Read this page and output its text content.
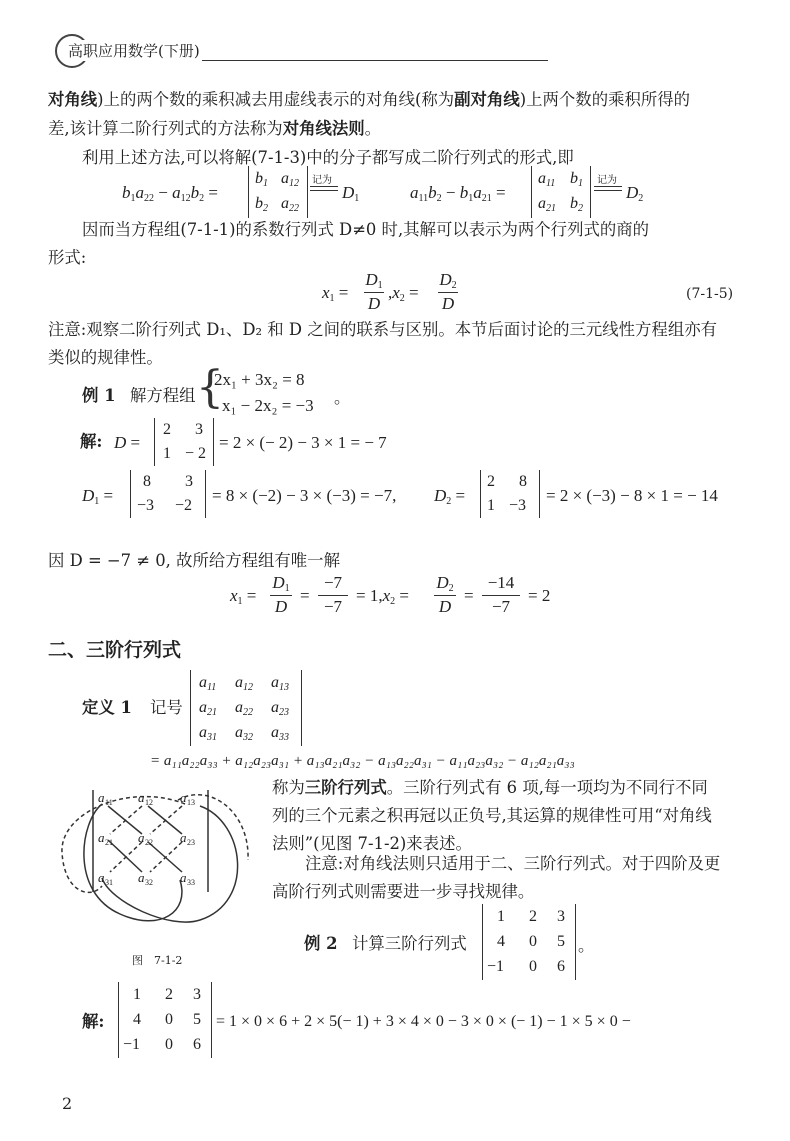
高职应用数学(下册)
对角线)上的两个数的乘积减去用虚线表示的对角线(称为副对角线)上两个数的乘积所得的
差,该计算二阶行列式的方法称为对角线法则。
利用上述方法,可以将解(7-1-3)中的分子都写成二阶行列式的形式,即
$b_1a_{22} - a_{12}b_2$ =
$b_1$ $a_{12}$
$b_2$ $a_{22}$
记为
$D_1$	$a_{11}b_2 - b_1a_{21}$ =
$a_{11}$ $b_1$
$a_{21}$ $b_2$
记为
$D_2$
因而当方程组(7-1-1)的系数行列式 D≠0 时,其解可以表示为两个行列式的商的
形式:
$x_1$ =
$D_1$
D
$,x_2$ =
$D_2$
D	(7-1-5)
注意:观察二阶行列式 D₁、D₂ 和 D 之间的联系与区别。本节后面讨论的三元线性方程组亦有
类似的规律性。
例 1 解方程组 {
2x₁ + 3x₂ = 8
x₁ − 2x₂ = −3 。
解: D =
2 3
1 − 2
= 2 × (− 2) − 3 × 1 = − 7
$D_1$ =
8 3
−3 −2
= 8 × (−2) − 3 × (−3) = −7, $D_2$ =
2 8
1 −3
= 2 × (−3) − 8 × 1 = − 14
因 D = −7 ≠ 0, 故所给方程组有唯一解
$x_1$ =
$D_1$
D
=
−7
−7
= $1,x_2$ =
$D_2$
D
=
−14
−7
= 2
二、三阶行列式
定义 1 记号
$a_{11}$ $a_{12}$ $a_{13}$
$a_{21}$ $a_{22}$ $a_{23}$
$a_{31}$ $a_{32}$ $a_{33}$
= a₁₁a₂₂a₃₃ + a₁₂a₂₃a₃₁ + a₁₃a₂₁a₃₂ − a₁₃a₂₂a₃₁ − a₁₁a₂₃a₃₂ − a₁₂a₂₁a₃₃
a	a	a
a	a	a
a	a	a
11	12	13
21	22	23
31	32	33
图　7-1-2
称为三阶行列式。三阶行列式有 6 项,每一项均为不同行不同
列的三个元素之积再冠以正负号,其运算的规律性可用“对角线
法则”(见图 7-1-2)来表述。
注意:对角线法则只适用于二、三阶行列式。对于四阶及更
高阶行列式则需要进一步寻找规律。
例 2 计算三阶行列式
1 2 3
4 0 5
−1 0 6
。
解:
1 2 3
4 0 5
−1 0 6
= 1 × 0 × 6 + 2 × 5(− 1) + 3 × 4 × 0 − 3 × 0 × (− 1) − 1 × 5 × 0 −
2
